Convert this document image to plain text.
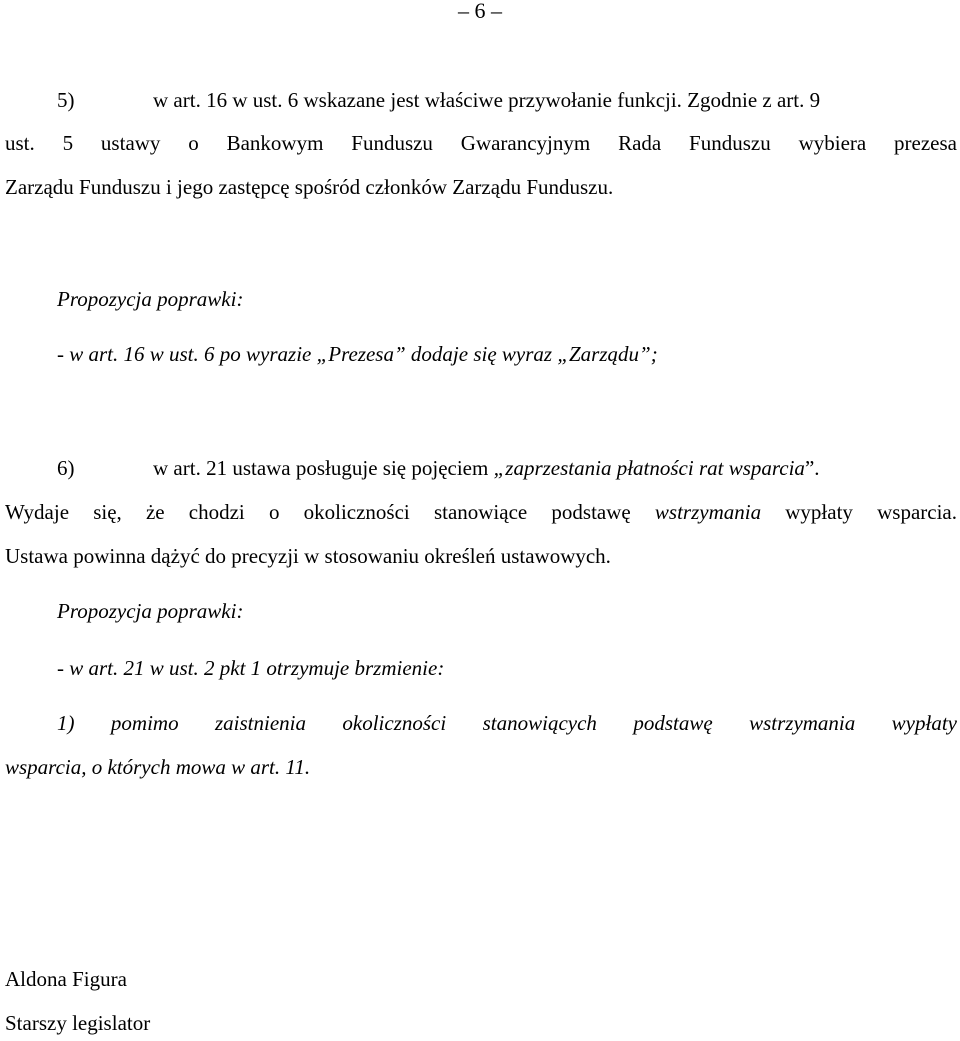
– 6 –
5)	w art. 16 w ust. 6 wskazane jest właściwe przywołanie funkcji. Zgodnie z art. 9
ust. 5 ustawy o Bankowym Funduszu Gwarancyjnym Rada Funduszu wybiera prezesa
Zarządu Funduszu i jego zastępcę spośród członków Zarządu Funduszu.
Propozycja poprawki:
- w art. 16 w ust. 6 po wyrazie „Prezesa” dodaje się wyraz „Zarządu”;
6)	w art. 21 ustawa posługuje się pojęciem „zaprzestania płatności rat wsparcia”.
Wydaje się, że chodzi o okoliczności stanowiące podstawę wstrzymania wypłaty wsparcia.
Ustawa powinna dążyć do precyzji w stosowaniu określeń ustawowych.
Propozycja poprawki:
- w art. 21 w ust. 2 pkt 1 otrzymuje brzmienie:
1) pomimo zaistnienia okoliczności stanowiących podstawę wstrzymania wypłaty
wsparcia, o których mowa w art. 11.
Aldona Figura
Starszy legislator
